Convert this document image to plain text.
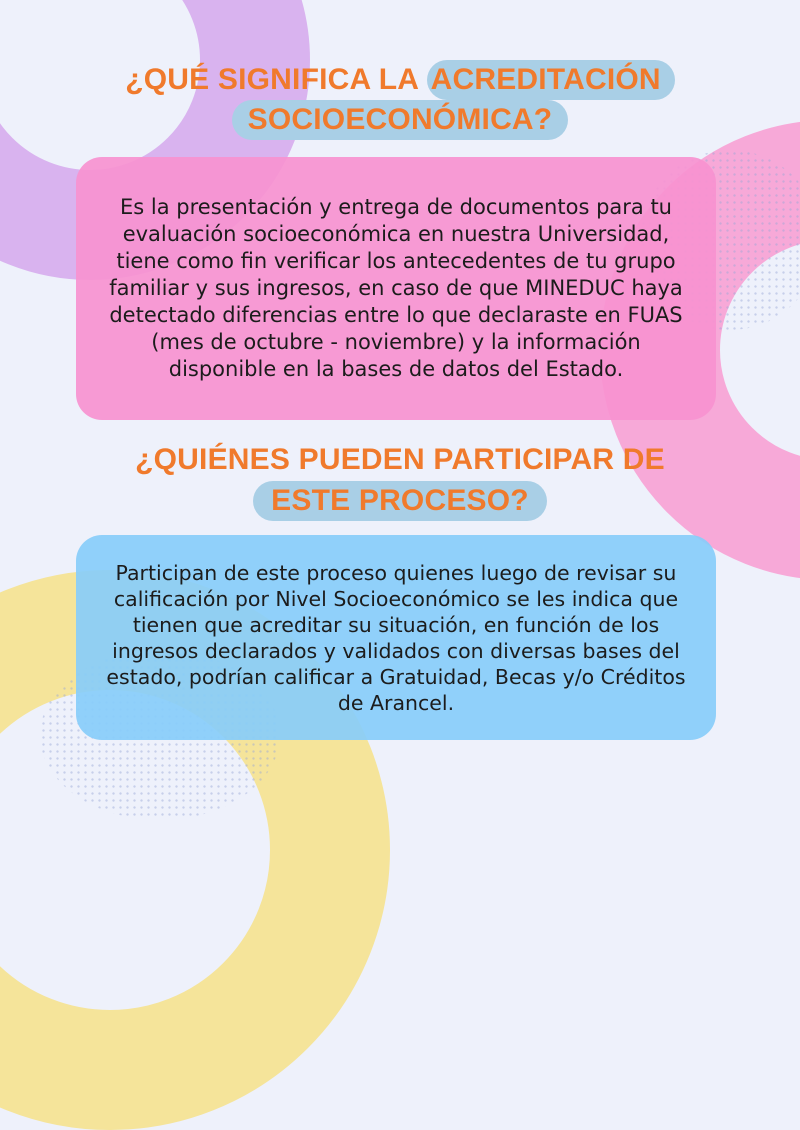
¿QUÉ SIGNIFICA LA ACREDITACIÓN
SOCIOECONÓMICA?
Es la presentación y entrega de documentos para tu evaluación socioeconómica en nuestra Universidad, tiene como fin verificar los antecedentes de tu grupo familiar y sus ingresos, en caso de que MINEDUC haya detectado diferencias entre lo que declaraste en FUAS (mes de octubre - noviembre) y la información disponible en la bases de datos del Estado.
¿QUIÉNES PUEDEN PARTICIPAR DE
ESTE PROCESO?
Participan de este proceso quienes luego de revisar su calificación por Nivel Socioeconómico se les indica que tienen que acreditar su situación, en función de los ingresos declarados y validados con diversas bases del estado, podrían calificar a Gratuidad, Becas y/o Créditos de Arancel.
